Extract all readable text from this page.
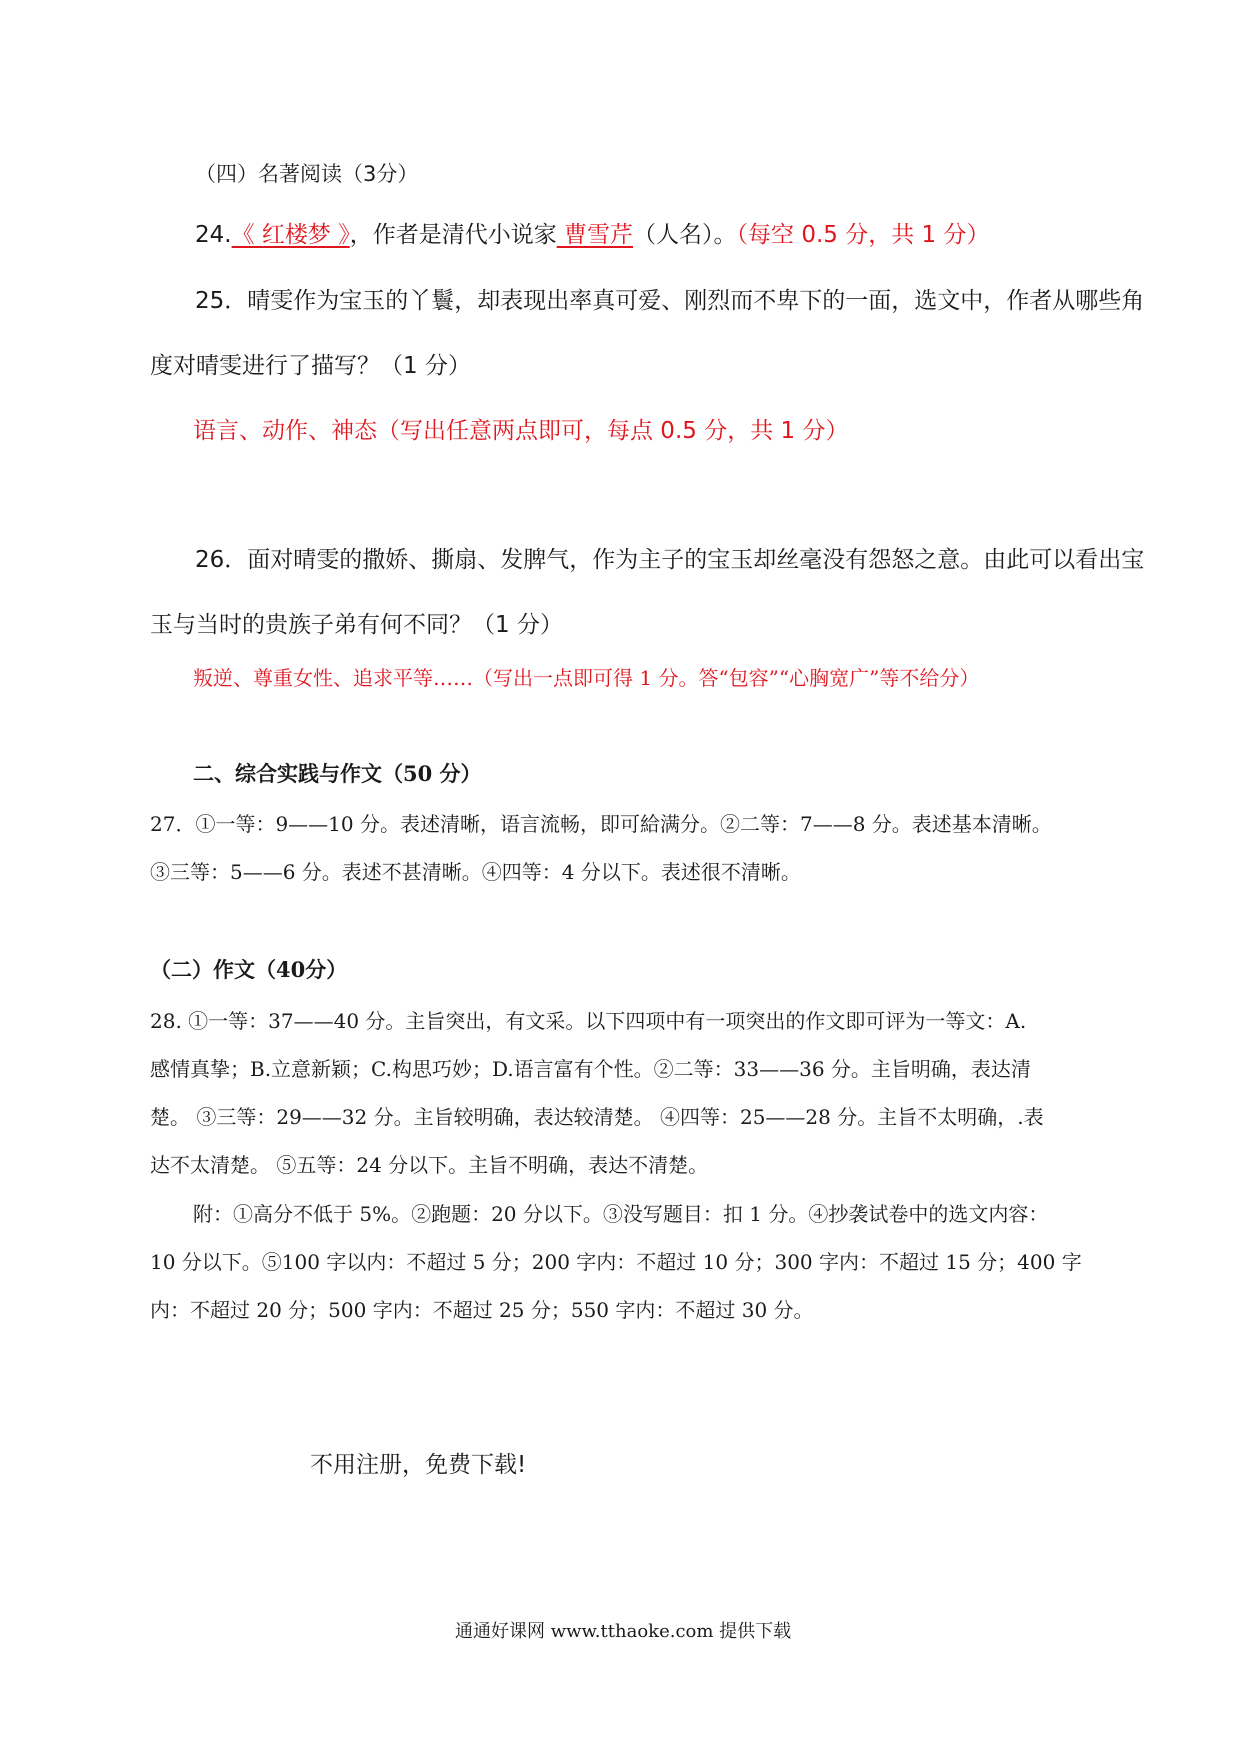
（四）名著阅读（3分）
24.《 红楼梦 》，作者是清代小说家 曹雪芹（人名）。（每空 0.5 分，共 1 分）
25．晴雯作为宝玉的丫鬟，却表现出率真可爱、刚烈而不卑下的一面，选文中，作者从哪些角
度对晴雯进行了描写？（1 分）
语言、动作、神态（写出任意两点即可，每点 0.5 分，共 1 分）
26．面对晴雯的撒娇、撕扇、发脾气，作为主子的宝玉却丝毫没有怨怒之意。由此可以看出宝
玉与当时的贵族子弟有何不同？（1 分）
叛逆、尊重女性、追求平等……（写出一点即可得 1 分。答“包容”“心胸宽广”等不给分）
二、综合实践与作文（50 分）
27．①一等：9——10 分。表述清晰，语言流畅，即可給满分。②二等：7——8 分。表述基本清晰。
③三等：5——6 分。表述不甚清晰。④四等：4 分以下。表述很不清晰。
（二）作文（40分）
28. ①一等：37——40 分。主旨突出，有文采。以下四项中有一项突出的作文即可评为一等文：A.
感情真挚；B.立意新颖；C.构思巧妙；D.语言富有个性。②二等：33——36 分。主旨明确，表达清
楚。 ③三等：29——32 分。主旨较明确，表达较清楚。 ④四等：25——28 分。主旨不太明确，.表
达不太清楚。 ⑤五等：24 分以下。主旨不明确，表达不清楚。
附：①高分不低于 5%。②跑题：20 分以下。③没写题目：扣 1 分。④抄袭试卷中的选文内容：
10 分以下。⑤100 字以内：不超过 5 分；200 字内：不超过 10 分；300 字内：不超过 15 分；400 字
内：不超过 20 分；500 字内：不超过 25 分；550 字内：不超过 30 分。
不用注册，免费下载!
通通好课网 www.tthaoke.com 提供下载
